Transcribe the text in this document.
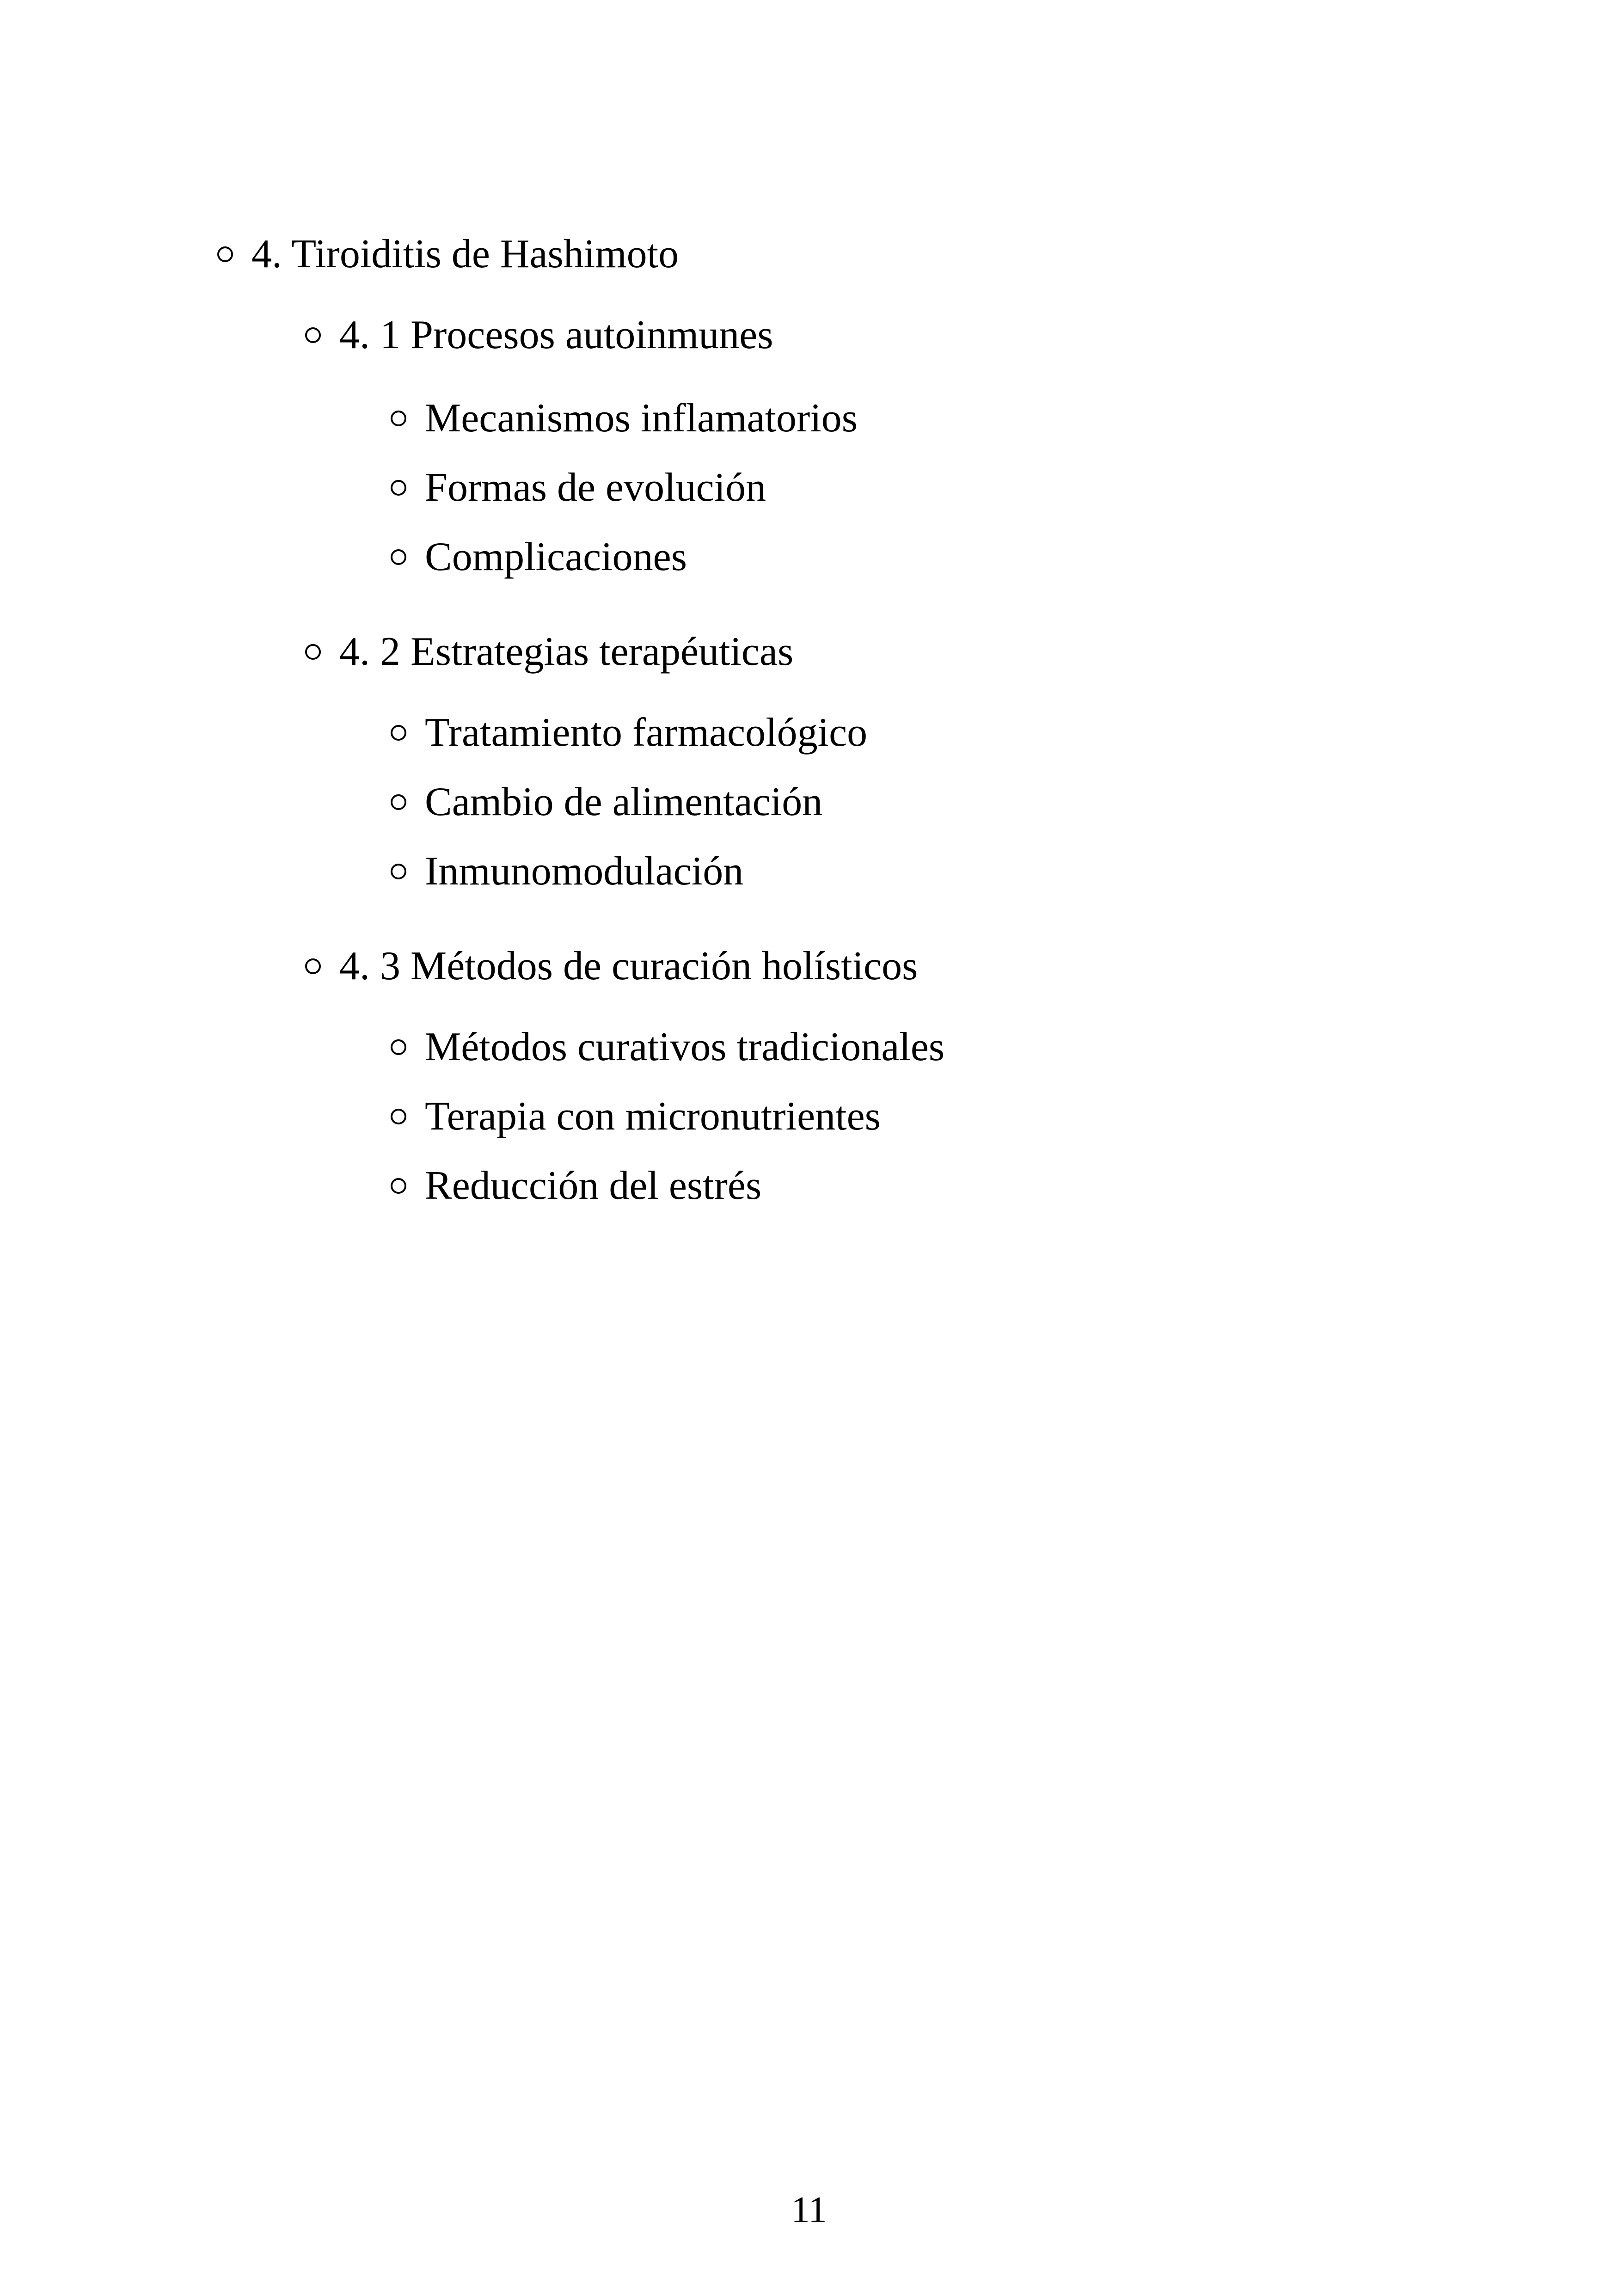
4. Tiroiditis de Hashimoto
4. 1 Procesos autoinmunes
Mecanismos inflamatorios
Formas de evolución
Complicaciones
4. 2 Estrategias terapéuticas
Tratamiento farmacológico
Cambio de alimentación
Inmunomodulación
4. 3 Métodos de curación holísticos
Métodos curativos tradicionales
Terapia con micronutrientes
Reducción del estrés
11
